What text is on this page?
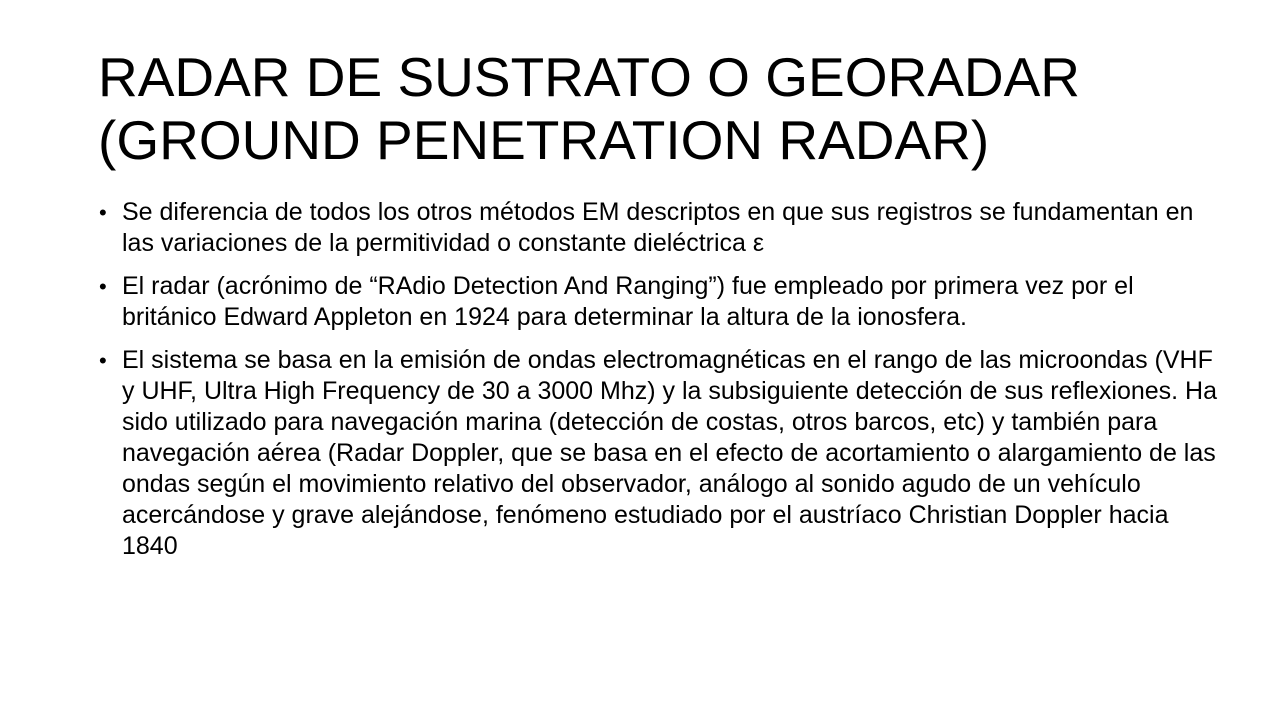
RADAR DE SUSTRATO O GEORADAR
(GROUND PENETRATION RADAR)
• Se diferencia de todos los otros métodos EM descriptos en que sus registros se fundamentan en las variaciones de la permitividad o constante dieléctrica ε
• El radar (acrónimo de “RAdio Detection And Ranging”) fue empleado por primera vez por el británico Edward Appleton en 1924 para determinar la altura de la ionosfera.
• El sistema se basa en la emisión de ondas electromagnéticas en el rango de las microondas (VHF y UHF, Ultra High Frequency de 30 a 3000 Mhz) y la subsiguiente detección de sus reflexiones. Ha sido utilizado para navegación marina (detección de costas, otros barcos, etc) y también para navegación aérea (Radar Doppler, que se basa en el efecto de acortamiento o alargamiento de las ondas según el movimiento relativo del observador, análogo al sonido agudo de un vehículo acercándose y grave alejándose, fenómeno estudiado por el austríaco Christian Doppler hacia 1840
